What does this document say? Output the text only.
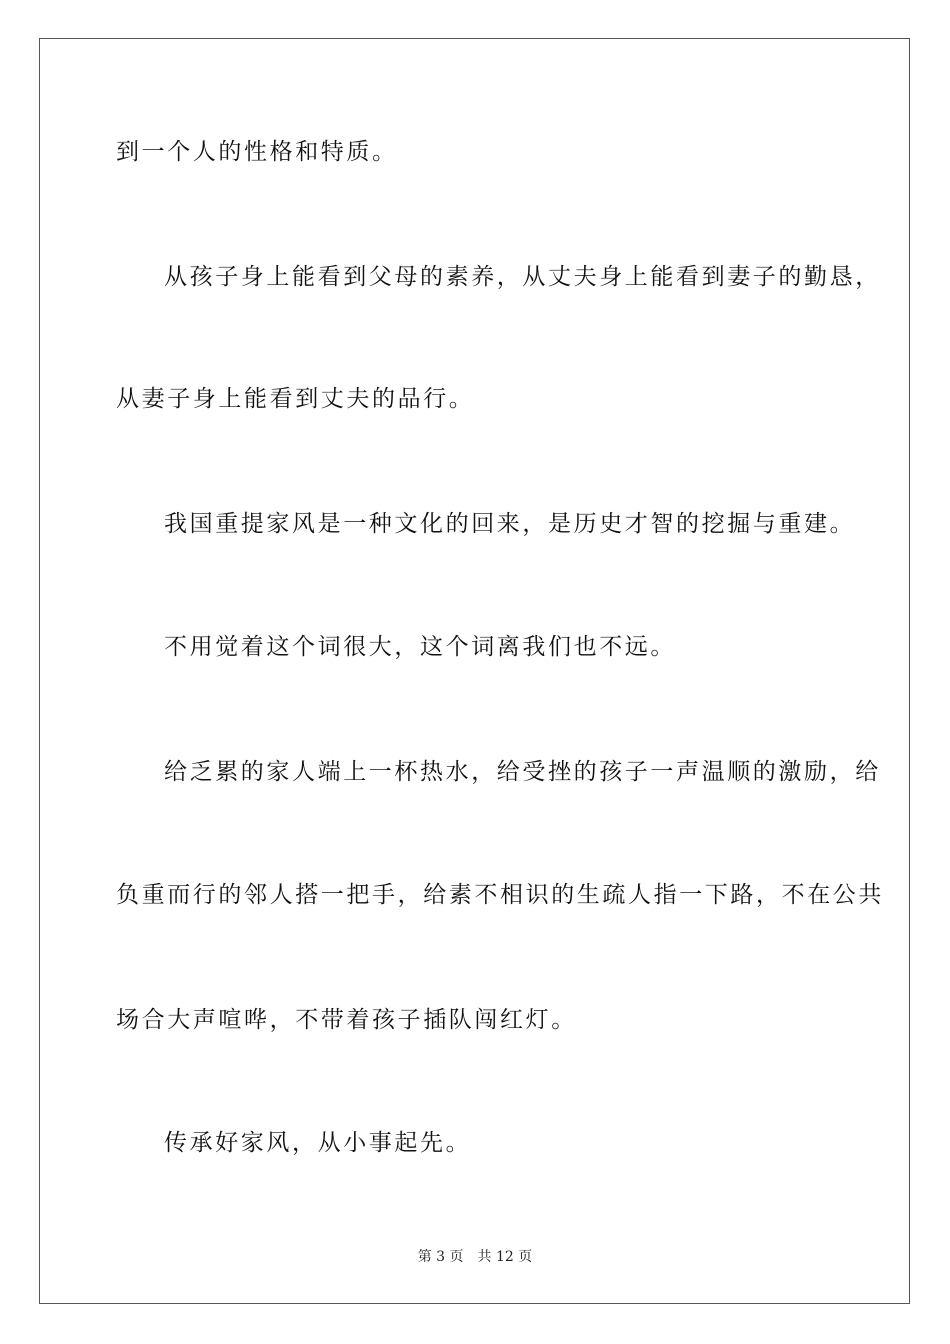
到一个人的性格和特质。
从孩子身上能看到父母的素养，从丈夫身上能看到妻子的勤恳，
从妻子身上能看到丈夫的品行。
我国重提家风是一种文化的回来，是历史才智的挖掘与重建。
不用觉着这个词很大，这个词离我们也不远。
给乏累的家人端上一杯热水，给受挫的孩子一声温顺的激励，给
负重而行的邻人搭一把手，给素不相识的生疏人指一下路，不在公共
场合大声喧哗，不带着孩子插队闯红灯。
传承好家风，从小事起先。
第 3 页 共 12 页
